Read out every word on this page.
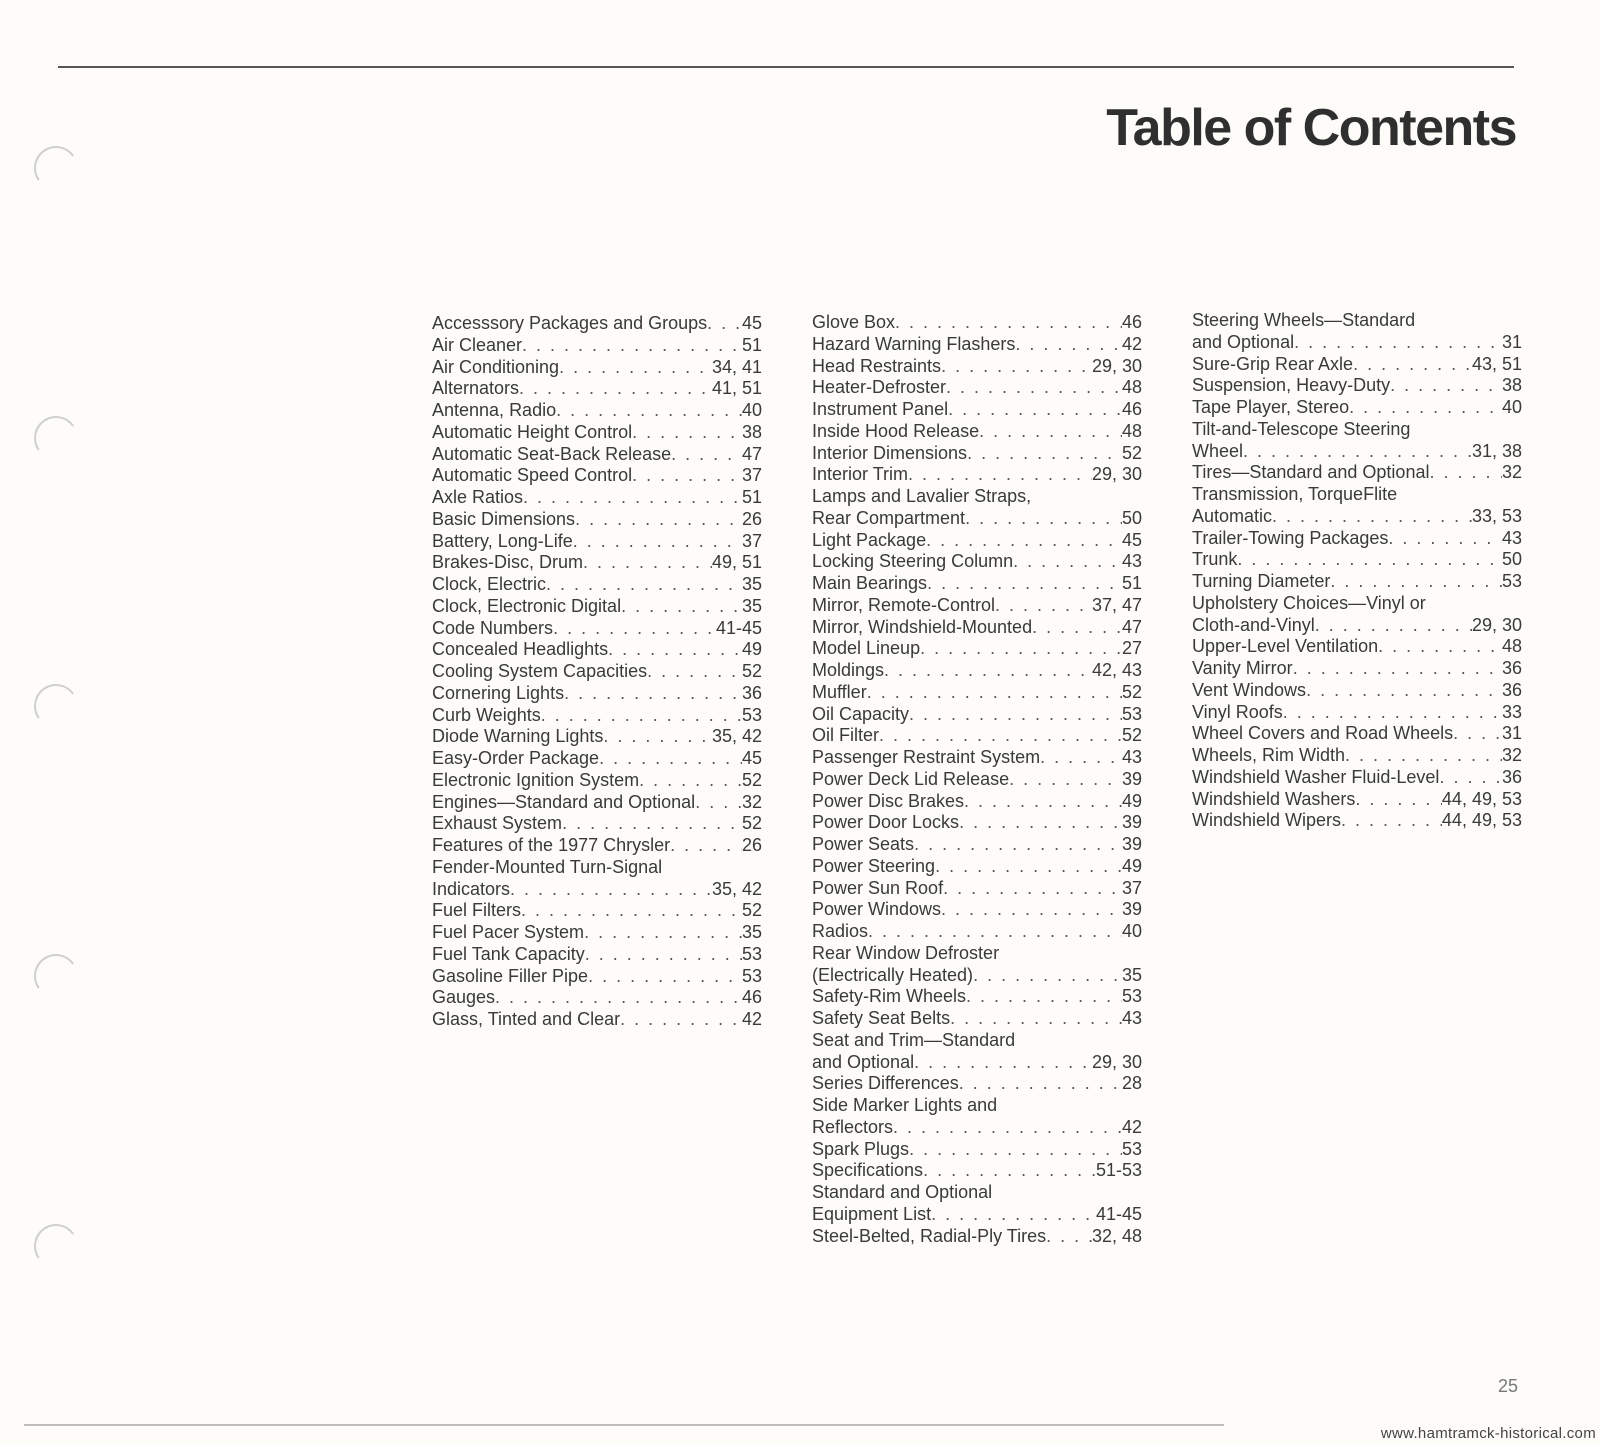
Table of Contents
Accesssory Packages and Groups . . . 45
Air Cleaner . . .	51
Air Conditioning . . .	34, 41
Alternators . . .	41, 51
Antenna, Radio . . .	40
Automatic Height Control . . .	38
Automatic Seat-Back Release . . .	47
Automatic Speed Control . . .	37
Axle Ratios . . .	51
Basic Dimensions . . .	26
Battery, Long-Life . . .	37
Brakes-Disc, Drum . . .	49, 51
Clock, Electric . . .	35
Clock, Electronic Digital . . .	35
Code Numbers . . .	41-45
Concealed Headlights . . .	49
Cooling System Capacities . . .	52
Cornering Lights . . .	36
Curb Weights . . .	53
Diode Warning Lights . . .	35, 42
Easy-Order Package . . .	45
Electronic Ignition System . . .	52
Engines—Standard and Optional . . .	32
Exhaust System . . .	52
Features of the 1977 Chrysler . . .	26
Fender-Mounted Turn-Signal
Indicators . . .	35, 42
Fuel Filters . . .	52
Fuel Pacer System . . .	35
Fuel Tank Capacity . . .	53
Gasoline Filler Pipe . . .	53
Gauges . . .	46
Glass, Tinted and Clear . . .	42
Glove Box . . .	46
Hazard Warning Flashers . . .	42
Head Restraints . . .	29, 30
Heater-Defroster . . .	48
Instrument Panel . . .	46
Inside Hood Release . . .	48
Interior Dimensions . . .	52
Interior Trim . . .	29, 30
Lamps and Lavalier Straps,
Rear Compartment . . .	50
Light Package . . .	45
Locking Steering Column . . .	43
Main Bearings . . .	51
Mirror, Remote-Control . . .	37, 47
Mirror, Windshield-Mounted . . .	47
Model Lineup . . .	27
Moldings . . .	42, 43
Muffler . . .	52
Oil Capacity . . .	53
Oil Filter . . .	52
Passenger Restraint System . . .	43
Power Deck Lid Release . . .	39
Power Disc Brakes . . .	49
Power Door Locks . . .	39
Power Seats . . .	39
Power Steering . . .	49
Power Sun Roof . . .	37
Power Windows . . .	39
Radios . . .	40
Rear Window Defroster
(Electrically Heated) . . .	35
Safety-Rim Wheels . . .	53
Safety Seat Belts . . .	43
Seat and Trim—Standard
and Optional . . .	29, 30
Series Differences . . .	28
Side Marker Lights and
Reflectors . . .	42
Spark Plugs . . .	53
Specifications . . .	51-53
Standard and Optional
Equipment List . . .	41-45
Steel-Belted, Radial-Ply Tires . . .	32, 48
Steering Wheels—Standard
and Optional . . .	31
Sure-Grip Rear Axle . . .	43, 51
Suspension, Heavy-Duty . . .	38
Tape Player, Stereo . . .	40
Tilt-and-Telescope Steering
Wheel . . .	31, 38
Tires—Standard and Optional . . .	32
Transmission, TorqueFlite
Automatic . . .	33, 53
Trailer-Towing Packages . . .	43
Trunk . . .	50
Turning Diameter . . .	53
Upholstery Choices—Vinyl or
Cloth-and-Vinyl . . .	29, 30
Upper-Level Ventilation . . .	48
Vanity Mirror . . .	36
Vent Windows . . .	36
Vinyl Roofs . . .	33
Wheel Covers and Road Wheels . . .	31
Wheels, Rim Width . . .	32
Windshield Washer Fluid-Level . . .	36
Windshield Washers . . .	44, 49, 53
Windshield Wipers . . .	44, 49, 53
25
www.hamtramck-historical.com
